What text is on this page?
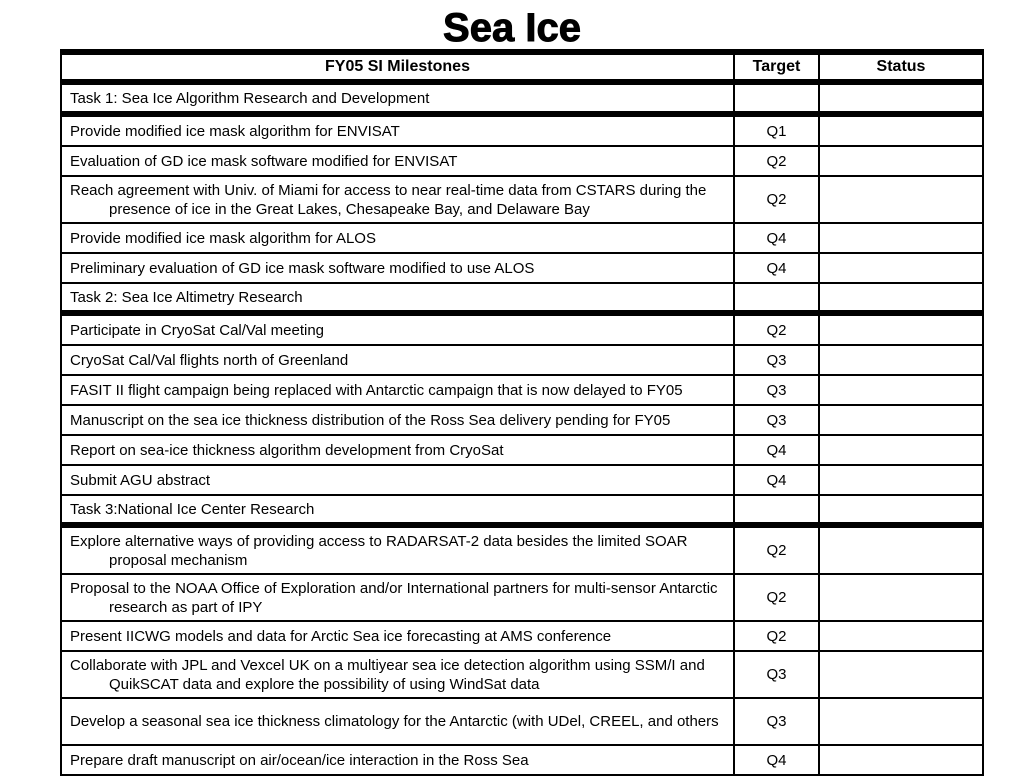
Sea Ice
FY05 SI Milestones	Target	Status

Task 1: Sea Ice Algorithm Research and Development		

Provide modified ice mask algorithm for ENVISAT	Q1	

Evaluation of GD ice mask software modified for ENVISAT	Q2	

Reach agreement with Univ. of Miami for access to near real-time data from CSTARS during the presence of ice in the Great Lakes, Chesapeake Bay, and Delaware Bay	Q2	

Provide modified ice mask algorithm for ALOS	Q4	

Preliminary evaluation of GD ice mask software modified to use ALOS	Q4	

Task 2: Sea Ice Altimetry Research		

Participate in CryoSat Cal/Val meeting	Q2	

CryoSat Cal/Val flights north of Greenland	Q3	

FASIT II flight campaign being replaced with Antarctic campaign that is now delayed to FY05	Q3	

Manuscript on the sea ice thickness distribution of the Ross Sea delivery pending for FY05	Q3	

Report on sea-ice thickness algorithm development from CryoSat	Q4	

Submit AGU abstract	Q4	

Task 3:National Ice Center Research		

Explore alternative ways of providing access to RADARSAT-2 data besides the limited SOAR proposal mechanism	Q2	

Proposal to the NOAA Office of Exploration and/or International partners for multi-sensor Antarctic research as part of IPY	Q2	

Present IICWG models and data for Arctic Sea ice forecasting at AMS conference	Q2	

Collaborate with JPL and Vexcel UK on a multiyear sea ice detection algorithm using SSM/I and QuikSCAT data and explore the possibility of using WindSat data	Q3	

Develop a seasonal sea ice thickness climatology for the Antarctic (with UDel, CREEL, and others	Q3	

Prepare draft manuscript on air/ocean/ice interaction in the Ross Sea	Q4	
